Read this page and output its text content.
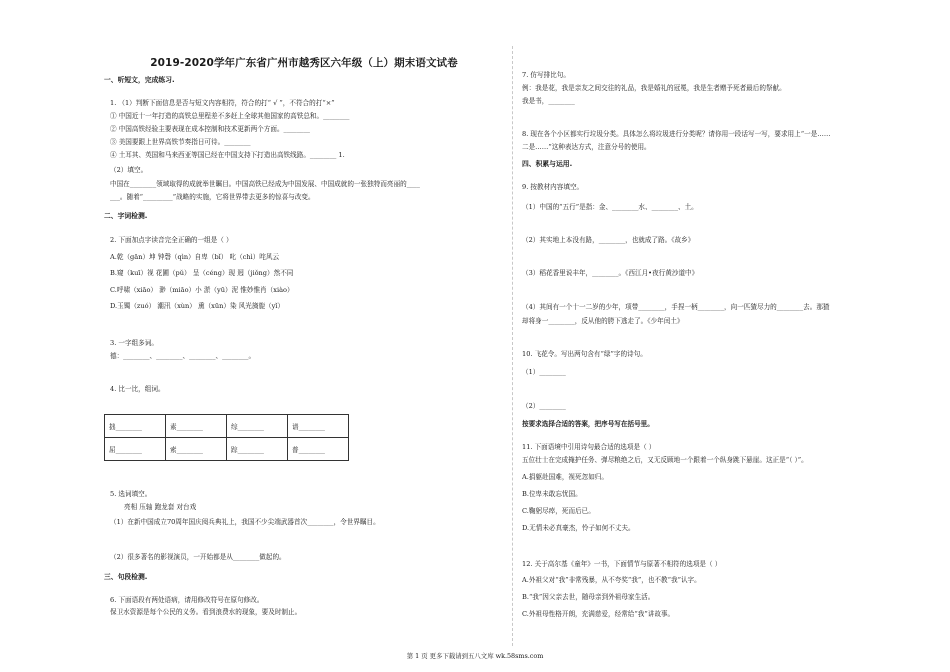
2019-2020学年广东省广州市越秀区六年级（上）期末语文试卷
一、听短文，完成练习.
1. （1）判断下面信息是否与短文内容相符，符合的打“ √ ”，不符合的打“×”
① 中国近十一年打造的高铁总里程差不多赶上全球其他国家的高铁总和。________
② 中国高铁经验主要表现在成本控制和技术更新两个方面。________
③ 美国要跟上世界高铁节奏指日可待。________
④ 土耳其、英国和马来西亚等国已经在中国支持下打造出高铁线路。________ 1.
（2）填空。
中国在________领域取得的成就举世瞩目。中国高铁已经成为中国发展、中国成就的一张独特而亮丽的____
___。随着“_________”战略的实施，它将世界带去更多的惊喜与改变。
二、字词检测.
2. 下面加点字读音完全正确的一组是（ ）
A.乾（gān）坤 钟磬（qìn）自卑（bǐ） 叱（chì）咤风云
B.窥（kuī）视 花圃（pǔ） 呈（céng）现 迥（jiǒng）然不同
C.呼啸（xiāo） 渺（miāo）小 淤（yū）泥 惟妙惟肖（xiào）
D.玉镯（zuó） 潮汛（xùn） 熏（xūn）染 风光旖旎（yǐ）
3. 一字组多词。
德：________、________、________、________。
4. 比一比，组词。
拙________	素________	综________	谱________
屈________	索________	踪________	普________
5. 选词填空。
亮相 压轴 跑龙套 对台戏
（1）在新中国成立70周年国庆阅兵典礼上，我国不少尖端武器首次________，令世界瞩目。
（2）很多著名的影视演员，一开始都是从________做起的。
三、句段检测.
6. 下面语段有两处语病，请用修改符号在原句修改。
保卫水资源是每个公民的义务。看到浪费水的现象，要及时制止。
7. 仿写排比句。
例：我是花，我是亲友之间交往的礼品，我是婚礼的冠冕，我是生者赠予死者最后的祭献。
我是书，________
8. 现在各个小区都实行垃圾分类。具体怎么将垃圾进行分类呢？请你用一段话写一写，要求用上“一是……
二是……”这种表达方式，注意分号的使用。
四、积累与运用.
9. 按教材内容填空。
（1）中国的“五行”是指：金、________水、________、土。
（2）其实地上本没有路，________，也就成了路。《故乡》
（3）稻花香里说丰年，________。《西江月•夜行黄沙道中》
（4）其间有一个十一二岁的少年，项带________，手捏一柄________，向一匹猹尽力的________去。那猹
却将身一________，反从他的胯下逃走了。《少年闰土》
10. 飞花令。写出两句含有“绿”字的诗句。
（1）________
（2）________
按要求选择合适的答案，把序号写在括号里。
11. 下面语境中引用诗句最合适的选项是（ ）
五位壮士在完成掩护任务、弹尽粮绝之后，又无反顾地一个跟着一个纵身跳下悬崖。这正是“（ ）”。
A.捐躯赴国难，视死忽如归。
B.位卑未敢忘忧国。
C.鞠躬尽瘁，死而后已。
D.无情未必真豪杰，怜子如何不丈夫。
12. 关于高尔基《童年》一书，下面情节与原著不相符的选项是（ ）
A.外祖父对“我”非常残暴，从不夸奖“我”，也不教“我”认字。
B.“我”因父亲去世，随母亲到外祖母家生活。
C.外祖母性格开朗，充满慈爱，经常给“我”讲故事。
第 1 页 更多下载请到五八文库 wk.58sms.com
